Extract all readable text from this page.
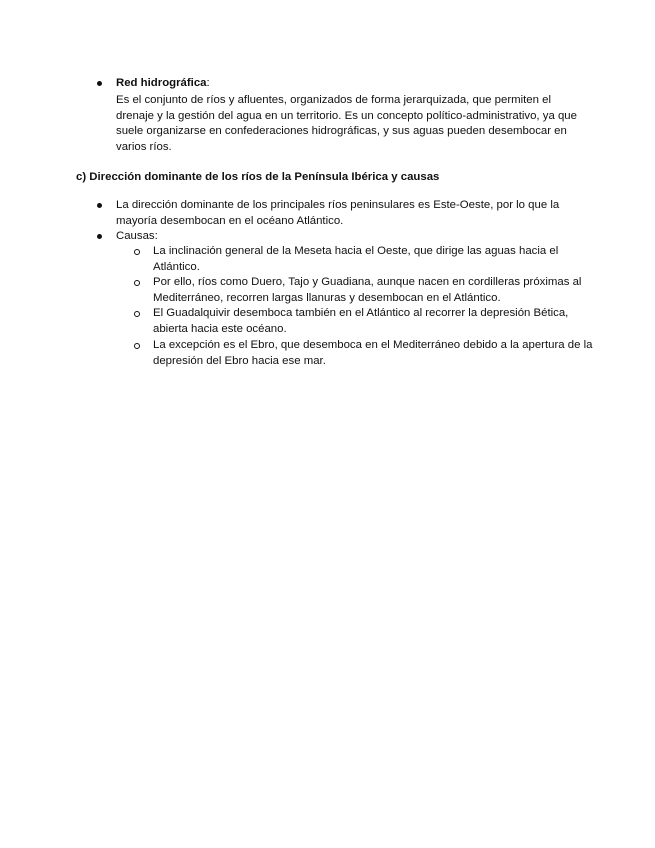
Red hidrográfica:
Es el conjunto de ríos y afluentes, organizados de forma jerarquizada, que permiten el drenaje y la gestión del agua en un territorio. Es un concepto político-administrativo, ya que suele organizarse en confederaciones hidrográficas, y sus aguas pueden desembocar en varios ríos.
c) Dirección dominante de los ríos de la Península Ibérica y causas
La dirección dominante de los principales ríos peninsulares es Este-Oeste, por lo que la mayoría desembocan en el océano Atlántico.
Causas:
La inclinación general de la Meseta hacia el Oeste, que dirige las aguas hacia el Atlántico.
Por ello, ríos como Duero, Tajo y Guadiana, aunque nacen en cordilleras próximas al Mediterráneo, recorren largas llanuras y desembocan en el Atlántico.
El Guadalquivir desemboca también en el Atlántico al recorrer la depresión Bética, abierta hacia este océano.
La excepción es el Ebro, que desemboca en el Mediterráneo debido a la apertura de la depresión del Ebro hacia ese mar.
